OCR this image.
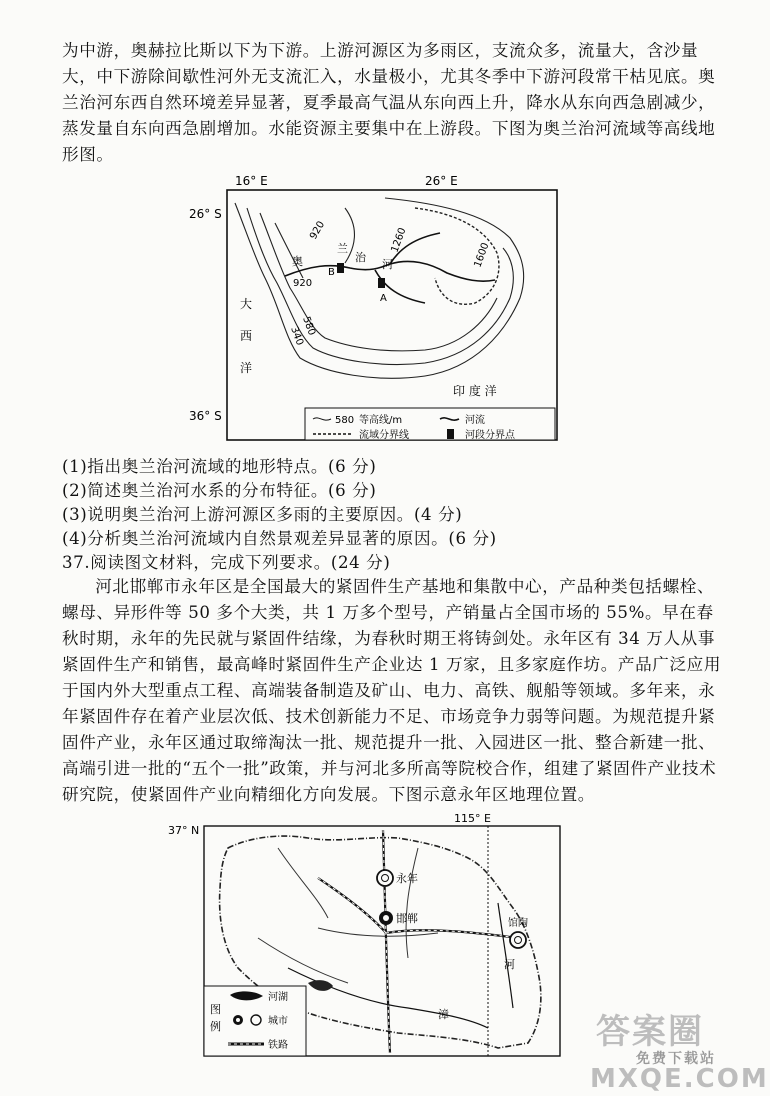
为中游，奥赫拉比斯以下为下游。上游河源区为多雨区，支流众多，流量大，含沙量大，中下游除间歇性河外无支流汇入，水量极小，尤其冬季中下游河段常干枯见底。奥兰治河东西自然环境差异显著，夏季最高气温从东向西上升，降水从东向西急剧减少，蒸发量自东向西急剧增加。水能资源主要集中在上游段。下图为奥兰治河流域等高线地形图。

16° E	26° E
26° S
36° S
B
A
奥
兰
治
河
920
920
1260
1600
580
340
大
西
洋
印 度 洋
580 等高线/m	河流
流域分界线	河段分界点
(1)指出奥兰治河流域的地形特点。(6 分)
(2)简述奥兰治河水系的分布特征。(6 分)
(3)说明奥兰治河上游河源区多雨的主要原因。(4 分)
(4)分析奥兰治河流域内自然景观差异显著的原因。(6 分)
37.阅读图文材料，完成下列要求。(24 分)

河北邯郸市永年区是全国最大的紧固件生产基地和集散中心，产品种类包括螺栓、螺母、异形件等 50 多个大类，共 1 万多个型号，产销量占全国市场的 55%。早在春秋时期，永年的先民就与紧固件结缘，为春秋时期王将铸剑处。永年区有 34 万人从事紧固件生产和销售，最高峰时紧固件生产企业达 1 万家，且多家庭作坊。产品广泛应用于国内外大型重点工程、高端装备制造及矿山、电力、高铁、舰船等领域。多年来，永年紧固件存在着产业层次低、技术创新能力不足、市场竞争力弱等问题。为规范提升紧固件产业，永年区通过取缔淘汰一批、规范提升一批、入园进区一批、整合新建一批、高端引进一批的“五个一批”政策，并与河北多所高等院校合作，组建了紧固件产业技术研究院，使紧固件产业向精细化方向发展。下图示意永年区地理位置。

37° N
115° E
永年
邯郸	馆陶
河
漳
图
例
河湖
城市
铁路	答案圈
免费下载站
MXQE.COM
